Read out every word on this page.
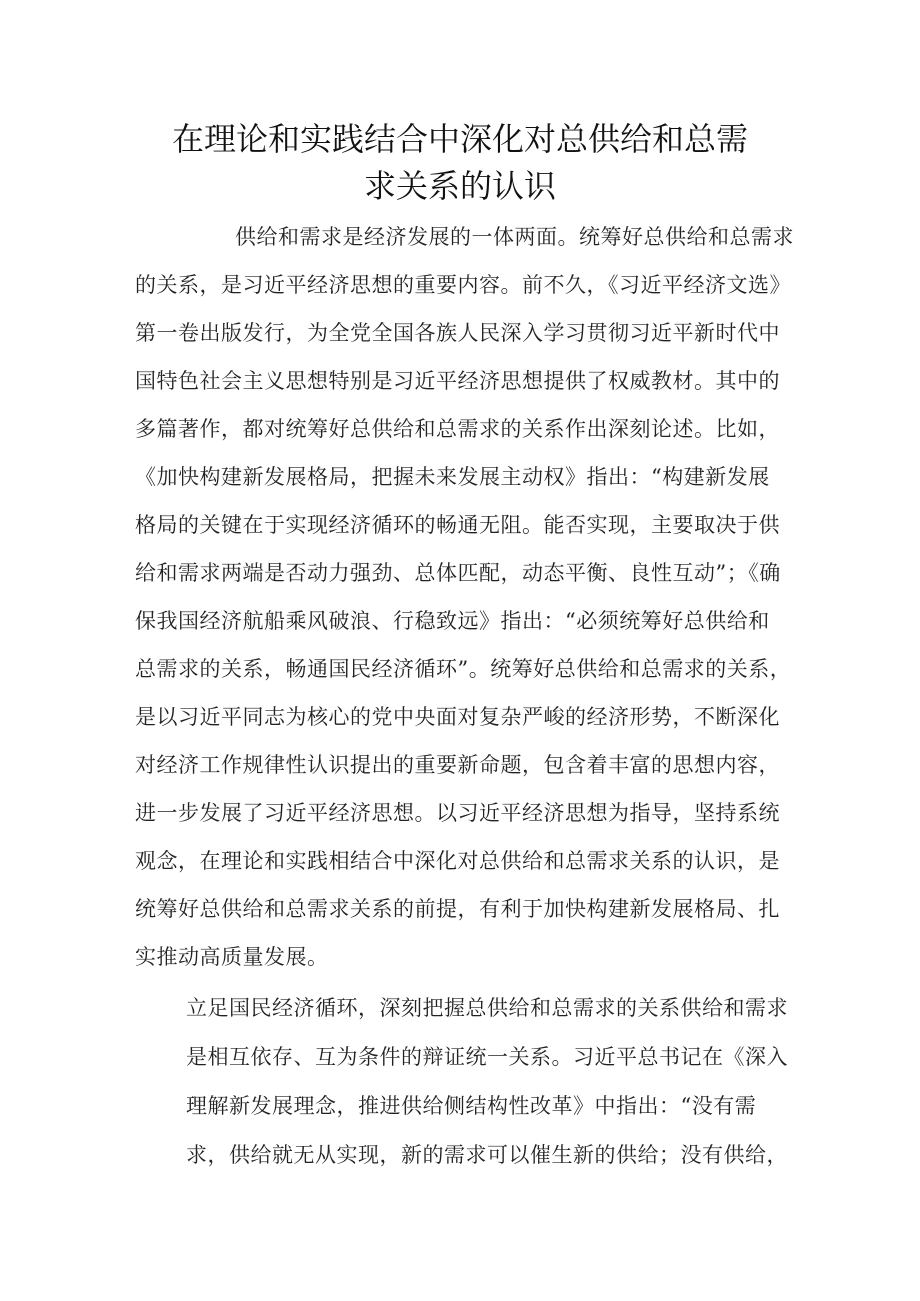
在理论和实践结合中深化对总供给和总需
求关系的认识
供给和需求是经济发展的一体两面。统筹好总供给和总需求
的关系，是习近平经济思想的重要内容。前不久，《习近平经济文选》
第一卷出版发行，为全党全国各族人民深入学习贯彻习近平新时代中
国特色社会主义思想特别是习近平经济思想提供了权威教材。其中的
多篇著作，都对统筹好总供给和总需求的关系作出深刻论述。比如，
《加快构建新发展格局，把握未来发展主动权》指出：“构建新发展
格局的关键在于实现经济循环的畅通无阻。能否实现，主要取决于供
给和需求两端是否动力强劲、总体匹配，动态平衡、良性互动”；《确
保我国经济航船乘风破浪、行稳致远》指出：“必须统筹好总供给和
总需求的关系，畅通国民经济循环”。统筹好总供给和总需求的关系，
是以习近平同志为核心的党中央面对复杂严峻的经济形势，不断深化
对经济工作规律性认识提出的重要新命题，包含着丰富的思想内容，
进一步发展了习近平经济思想。以习近平经济思想为指导，坚持系统
观念，在理论和实践相结合中深化对总供给和总需求关系的认识，是
统筹好总供给和总需求关系的前提，有利于加快构建新发展格局、扎
实推动高质量发展。
立足国民经济循环，深刻把握总供给和总需求的关系供给和需求
是相互依存、互为条件的辩证统一关系。习近平总书记在《深入
理解新发展理念，推进供给侧结构性改革》中指出：“没有需
求，供给就无从实现，新的需求可以催生新的供给；没有供给，
